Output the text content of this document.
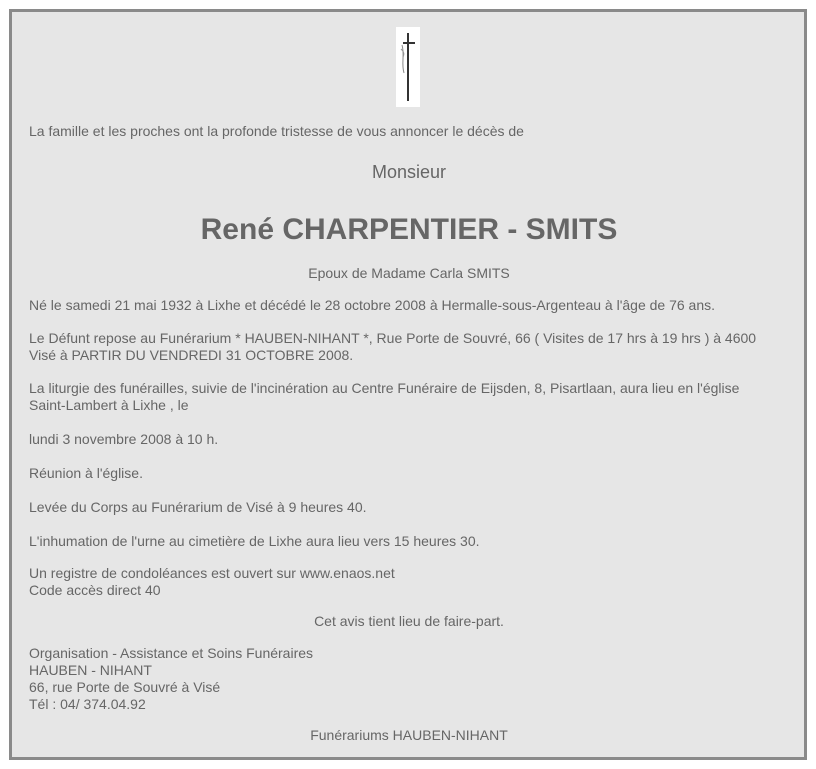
La famille et les proches ont la profonde tristesse de vous annoncer le décès de

Monsieur

René CHARPENTIER - SMITS

Epoux de Madame Carla SMITS

Né le samedi 21 mai 1932 à Lixhe et décédé le 28 octobre 2008 à Hermalle-sous-Argenteau à l'âge de 76 ans.

Le Défunt repose au Funérarium * HAUBEN-NIHANT *, Rue Porte de Souvré, 66 ( Visites de 17 hrs à 19 hrs ) à 4600
Visé à PARTIR DU VENDREDI 31 OCTOBRE 2008.

La liturgie des funérailles, suivie de l'incinération au Centre Funéraire de Eijsden, 8, Pisartlaan, aura lieu en l'église
Saint-Lambert à Lixhe , le

lundi 3 novembre 2008 à 10 h.

Réunion à l'église.

Levée du Corps au Funérarium de Visé à 9 heures 40.

L'inhumation de l'urne au cimetière de Lixhe aura lieu vers 15 heures 30.

Un registre de condoléances est ouvert sur www.enaos.net
Code accès direct 40

Cet avis tient lieu de faire-part.

Organisation - Assistance et Soins Funéraires
HAUBEN - NIHANT
66, rue Porte de Souvré à Visé
Tél : 04/ 374.04.92

Funérariums HAUBEN-NIHANT
